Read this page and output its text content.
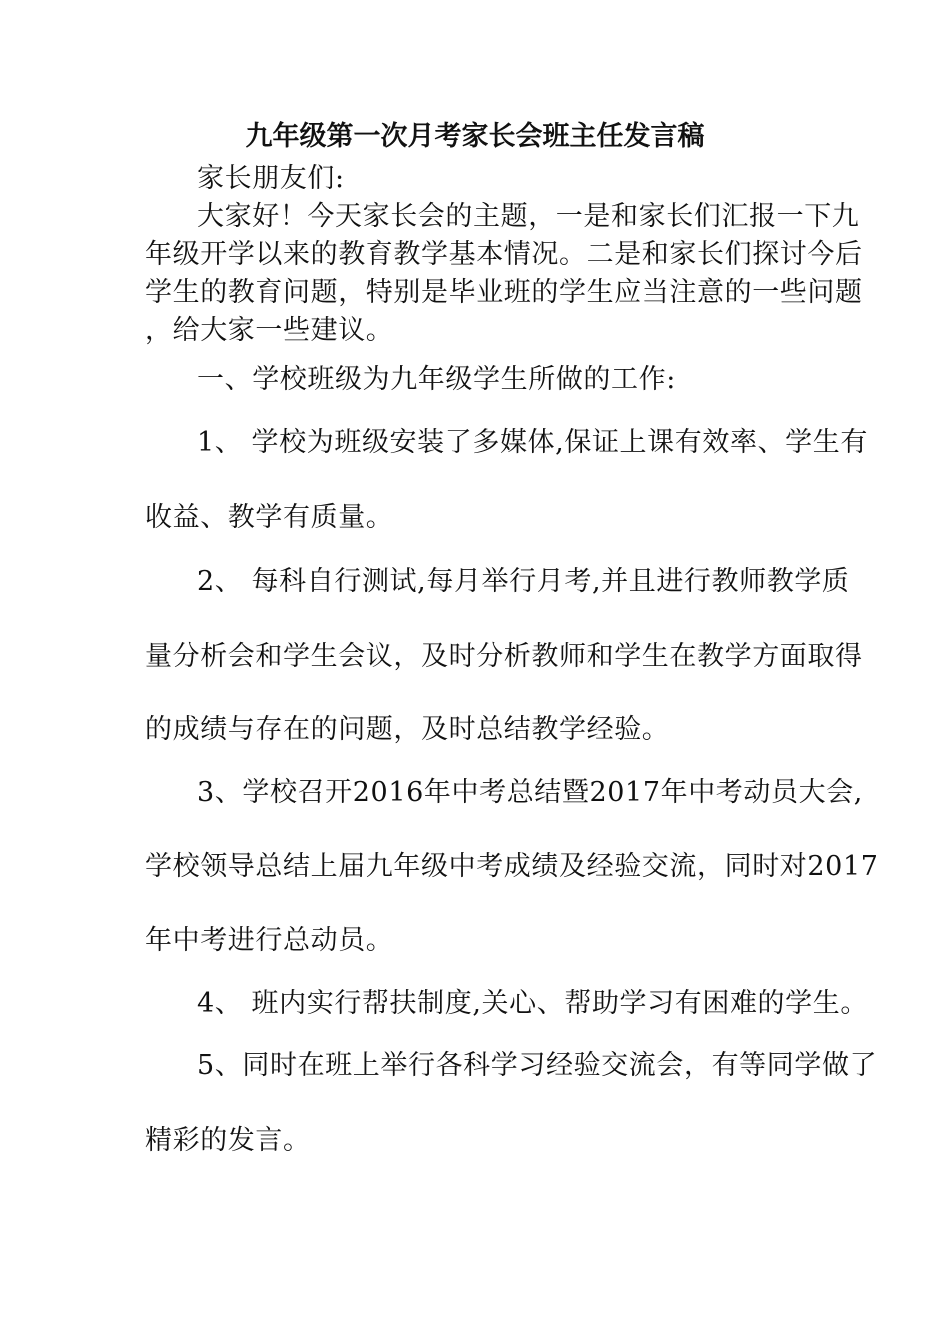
九年级第一次月考家长会班主任发言稿
家长朋友们:
大家好！今天家长会的主题，一是和家长们汇报一下九
年级开学以来的教育教学基本情况。二是和家长们探讨今后
学生的教育问题，特别是毕业班的学生应当注意的一些问题
，给大家一些建议。
一、学校班级为九年级学生所做的工作:
1、 学校为班级安装了多媒体,保证上课有效率、学生有
收益、教学有质量。
2、 每科自行测试,每月举行月考,并且进行教师教学质
量分析会和学生会议，及时分析教师和学生在教学方面取得
的成绩与存在的问题，及时总结教学经验。
3、学校召开2016年中考总结暨2017年中考动员大会,
学校领导总结上届九年级中考成绩及经验交流，同时对2017
年中考进行总动员。
4、 班内实行帮扶制度,关心、帮助学习有困难的学生。
5、同时在班上举行各科学习经验交流会，有等同学做了
精彩的发言。
